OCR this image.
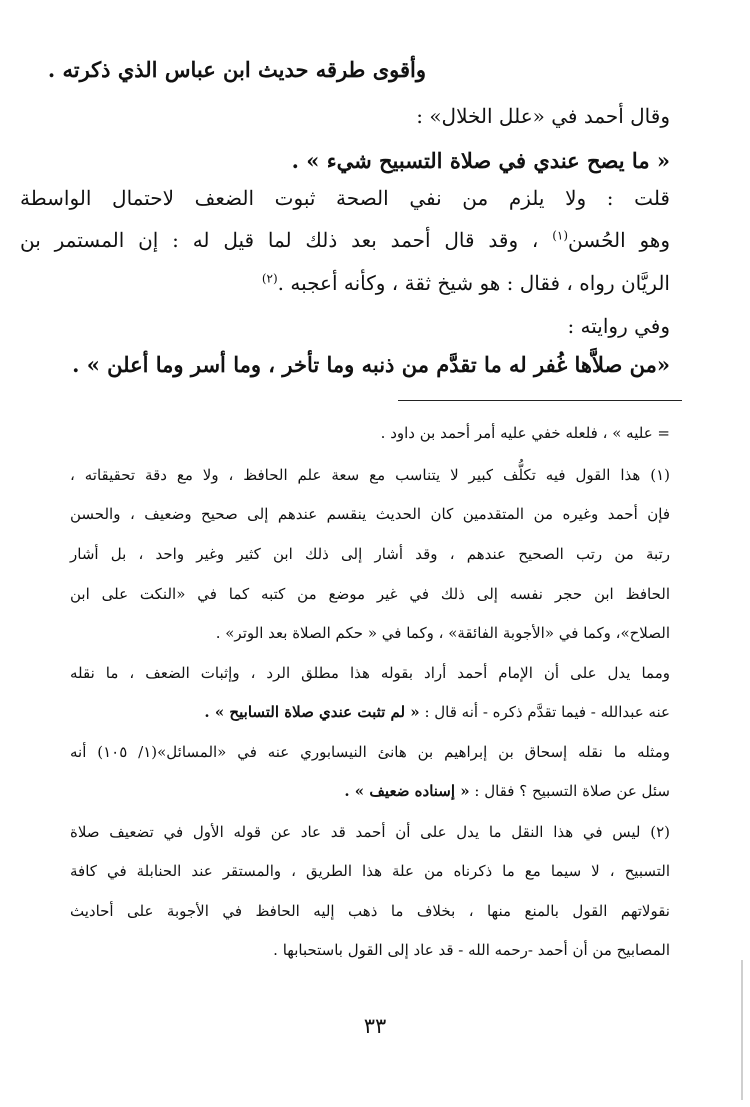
وأقوى طرقه حديث ابن عباس الذي ذكرته .
وقال أحمد في «علل الخلال» :
« ما يصح عندي في صلاة التسبيح شيء » .
قلت : ولا يلزم من نفي الصحة ثبوت الضعف لاحتمال الواسطة
وهو الحُسن$^{(١)}$ ، وقد قال أحمد بعد ذلك لما قيل له : إن المستمر بن
الريَّان رواه ، فقال : هو شيخ ثقة ، وكأنه أعجبه .$^{(٢)}$
وفي روايته :
«من صلاَّها غُفر له ما تقدَّم من ذنبه وما تأخر ، وما أسر وما أعلن » .
= عليه » ، فلعله خفي عليه أمر أحمد بن داود .
(١) هذا القول فيه تكلُّف كبير لا يتناسب مع سعة علم الحافظ ، ولا مع دقة تحقيقاته ،
فإن أحمد وغيره من المتقدمين كان الحديث ينقسم عندهم إلى صحيح وضعيف ، والحسن
رتبة من رتب الصحيح عندهم ، وقد أشار إلى ذلك ابن كثير وغير واحد ، بل أشار
الحافظ ابن حجر نفسه إلى ذلك في غير موضع من كتبه كما في «النكت على ابن
الصلاح»، وكما في «الأجوبة الفائقة» ، وكما في « حكم الصلاة بعد الوتر» .
ومما يدل على أن الإمام أحمد أراد بقوله هذا مطلق الرد ، وإثبات الضعف ، ما نقله
عنه عبدالله - فيما تقدَّم ذكره - أنه قال : « لم تثبت عندي صلاة التسابيح » .
ومثله ما نقله إسحاق بن إبراهيم بن هانئ النيسابوري عنه في «المسائل»(١/ ١٠٥) أنه
سئل عن صلاة التسبيح ؟ فقال : « إسناده ضعيف » .
(٢) ليس في هذا النقل ما يدل على أن أحمد قد عاد عن قوله الأول في تضعيف صلاة
التسبيح ، لا سيما مع ما ذكرناه من علة هذا الطريق ، والمستقر عند الحنابلة في كافة
نقولاتهم القول بالمنع منها ، بخلاف ما ذهب إليه الحافظ في الأجوبة على أحاديث
المصابيح من أن أحمد -رحمه الله - قد عاد إلى القول باستحبابها .
٣٣
